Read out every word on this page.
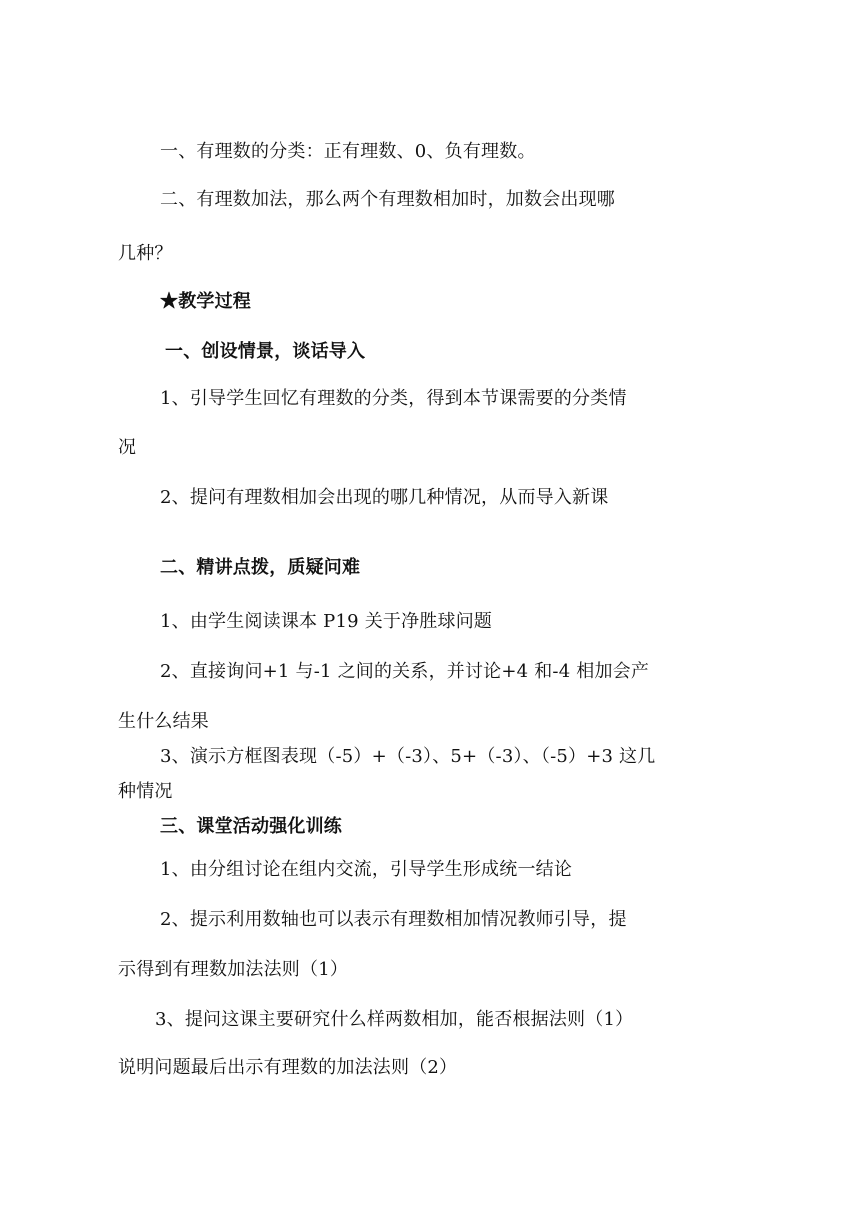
一、有理数的分类：正有理数、0、负有理数。
二、有理数加法，那么两个有理数相加时，加数会出现哪
几种？
★教学过程
一、创设情景，谈话导入
1、引导学生回忆有理数的分类，得到本节课需要的分类情
况
2、提问有理数相加会出现的哪几种情况，从而导入新课
二、精讲点拨，质疑问难
1、由学生阅读课本 P19 关于净胜球问题
2、直接询问+1 与-1 之间的关系，并讨论+4 和-4 相加会产
生什么结果
3、演示方框图表现（-5）+（-3）、5+（-3）、（-5）+3 这几
种情况
三、课堂活动强化训练
1、由分组讨论在组内交流，引导学生形成统一结论
2、提示利用数轴也可以表示有理数相加情况教师引导，提
示得到有理数加法法则（1）
3、提问这课主要研究什么样两数相加，能否根据法则（1）
说明问题最后出示有理数的加法法则（2）
